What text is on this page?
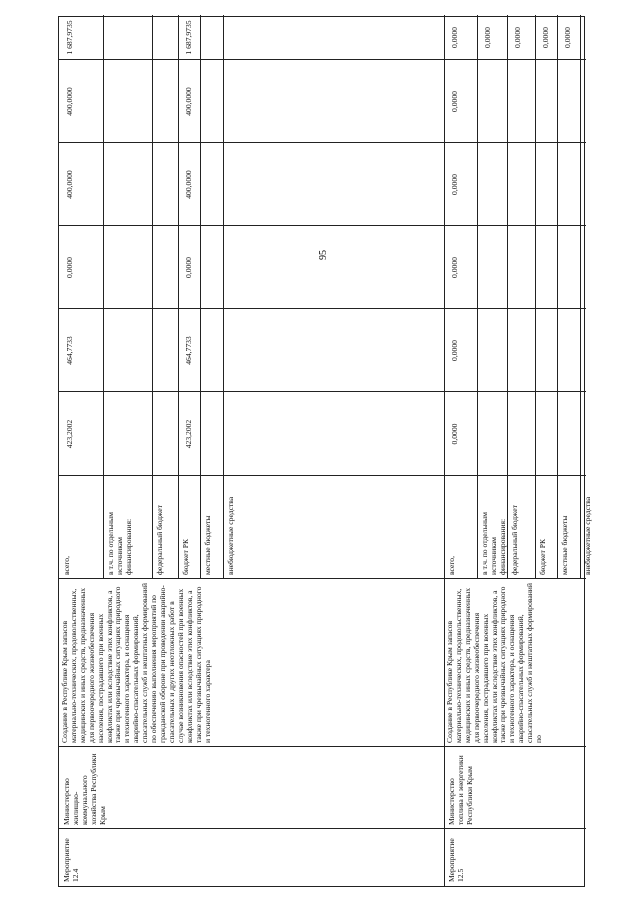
95
Мероприятие 12.4
Министерство жилищно-коммунального хозяйства Республики Крым
Создание в Республике Крым запасов материально-технических, продовольственных, медицинских и иных средств, предназначенных для первоочередного жизнеобеспечения населения, пострадавшего при военных конфликтах или вследствие этих конфликтов, а также при чрезвычайных ситуациях природного и техногенного характера, и оснащения аварийно-спасательных формирований, спасательных служб и нештатных формирований по обеспечению выполнения мероприятий по гражданской обороне при проведении аварийно-спасательных и других неотложных работ в случае возникновения опасностей при военных конфликтах или вследствие этих конфликтов, а также при чрезвычайных ситуациях природного и техногенного характера
всего,
423,2002
464,7733
0,0000
400,0000
400,0000
1 687,9735
в т.ч. по отдельным источникам финансирования:	федеральный бюджет бюджет РК
423,2002
464,7733
0,0000
400,0000
400,0000
1 687,9735
местные бюджеты внебюджетные средства
Мероприятие 12.5
Министерство топлива и энергетики Республики Крым
Создание в Республике Крым запасов материально-технических, продовольственных, медицинских и иных средств, предназначенных для первоочередного жизнеобеспечения населения, пострадавшего при военных конфликтах или вследствие этих конфликтов, а также при чрезвычайных ситуациях природного и техногенного характера, и оснащения аварийно-спасательных формирований, спасательных служб и нештатных формирований по
всего,
0,0000
0,0000
0,0000
0,0000
0,0000
0,0000
в т.ч. по отдельным источникам финансирования:
0,0000
федеральный бюджет
0,0000
бюджет РК
0,0000
местные бюджеты
0,0000
внебюджетные средства
